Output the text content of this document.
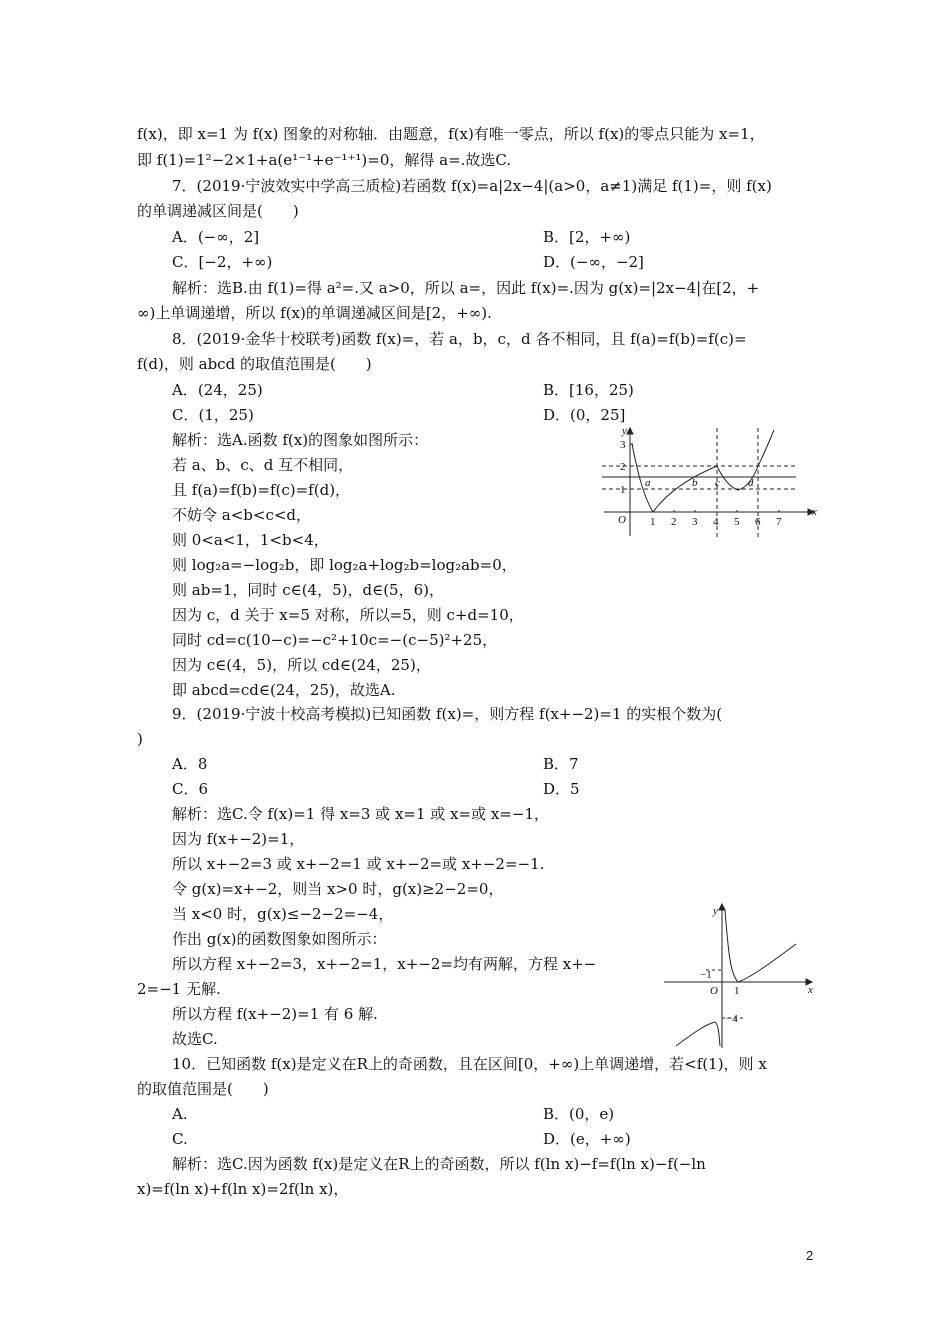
f(x)，即 x=1 为 f(x) 图象的对称轴．由题意，f(x)有唯一零点，所以 f(x)的零点只能为 x=1，
即 f(1)=1²−2×1+a(e¹⁻¹+e⁻¹⁺¹)=0，解得 a=.故选C.
7．(2019·宁波效实中学高三质检)若函数 f(x)=a|2x−4|(a>0，a≠1)满足 f(1)=，则 f(x)
的单调递减区间是(　　)
A．(−∞，2]	B．[2，+∞)
C．[−2，+∞)	D．(−∞，−2]
解析：选B.由 f(1)=得 a²=.又 a>0，所以 a=，因此 f(x)=.因为 g(x)=|2x−4|在[2，+
∞)上单调递增，所以 f(x)的单调递减区间是[2，+∞).
8．(2019·金华十校联考)函数 f(x)=，若 a，b，c，d 各不相同，且 f(a)=f(b)=f(c)=
f(d)，则 abcd 的取值范围是(　　)
A．(24，25)	B．[16，25)
C．(1，25)	D．(0，25]
解析：选A.函数 f(x)的图象如图所示：
若 a、b、c、d 互不相同，
且 f(a)=f(b)=f(c)=f(d)，
不妨令 a<b<c<d，
则 0<a<1，1<b<4，
则 log₂a=−log₂b，即 log₂a+log₂b=log₂ab=0，
则 ab=1，同时 c∈(4，5)，d∈(5，6)，
因为 c，d 关于 x=5 对称，所以=5，则 c+d=10，
同时 cd=c(10−c)=−c²+10c=−(c−5)²+25，
因为 c∈(4，5)，所以 cd∈(24，25)，
即 abcd=cd∈(24，25)，故选A.
y
x
a	b c	d
O 1 2 3 4 5 6 7
1
2
3
9．(2019·宁波十校高考模拟)已知函数 f(x)=，则方程 f(x+−2)=1 的实根个数为(
)
A．8	B．7
C．6	D．5
解析：选C.令 f(x)=1 得 x=3 或 x=1 或 x=或 x=−1，
因为 f(x+−2)=1，
所以 x+−2=3 或 x+−2=1 或 x+−2=或 x+−2=−1.
令 g(x)=x+−2，则当 x>0 时，g(x)≥2−2=0，
当 x<0 时，g(x)≤−2−2=−4，
作出 g(x)的函数图象如图所示：
所以方程 x+−2=3，x+−2=1，x+−2=均有两解，方程 x+−
2=−1 无解.
所以方程 f(x+−2)=1 有 6 解.
故选C.
y
x
O 1
−1
−4
10．已知函数 f(x)是定义在R上的奇函数，且在区间[0，+∞)上单调递增，若<f(1)，则 x
的取值范围是(　　)
A.	B．(0，e)
C.	D．(e，+∞)
解析：选C.因为函数 f(x)是定义在R上的奇函数，所以 f(ln x)−f=f(ln x)−f(−ln
x)=f(ln x)+f(ln x)=2f(ln x)，
2
